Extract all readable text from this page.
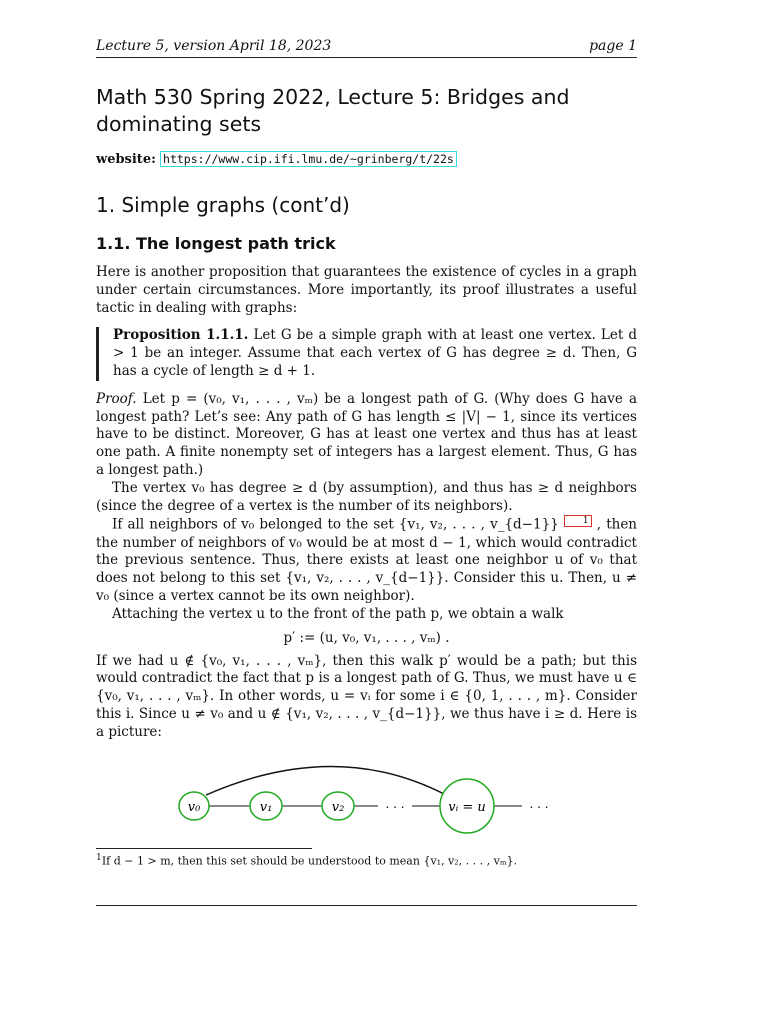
Lecture 5, version April 18, 2023	page 1
Math 530 Spring 2022, Lecture 5: Bridges and dominating sets
website: https://www.cip.ifi.lmu.de/~grinberg/t/22s
1. Simple graphs (cont’d)
1.1. The longest path trick

Here is another proposition that guarantees the existence of cycles in a graph under certain circumstances. More importantly, its proof illustrates a useful tactic in dealing with graphs:

Proposition 1.1.1. Let G be a simple graph with at least one vertex. Let d > 1 be an integer. Assume that each vertex of G has degree ≥ d. Then, G has a cycle of length ≥ d + 1.

Proof. Let p = (v₀, v₁, . . . , vₘ) be a longest path of G. (Why does G have a longest path? Let’s see: Any path of G has length ≤ |V| − 1, since its vertices have to be distinct. Moreover, G has at least one vertex and thus has at least one path. A finite nonempty set of integers has a largest element. Thus, G has a longest path.)

The vertex v₀ has degree ≥ d (by assumption), and thus has ≥ d neighbors (since the degree of a vertex is the number of its neighbors).

If all neighbors of v₀ belonged to the set {v₁, v₂, . . . , v_{d−1}}	1 , then the number of neighbors of v₀ would be at most d − 1, which would contradict the previous sentence. Thus, there exists at least one neighbor u of v₀ that does not belong to this set {v₁, v₂, . . . , v_{d−1}}. Consider this u. Then, u ≠ v₀ (since a vertex cannot be its own neighbor).

Attaching the vertex u to the front of the path p, we obtain a walk

p′ := (u, v₀, v₁, . . . , vₘ) .

If we had u ∉ {v₀, v₁, . . . , vₘ}, then this walk p′ would be a path; but this would contradict the fact that p is a longest path of G. Thus, we must have u ∈ {v₀, v₁, . . . , vₘ}. In other words, u = vᵢ for some i ∈ {0, 1, . . . , m}. Consider this i. Since u ≠ v₀ and u ∉ {v₁, v₂, . . . , v_{d−1}}, we thus have i ≥ d. Here is a picture:

v₀	v₁	v₂	. . .	vᵢ = u	. . .
$^1$If d − 1 > m, then this set should be understood to mean {v₁, v₂, . . . , vₘ}.
